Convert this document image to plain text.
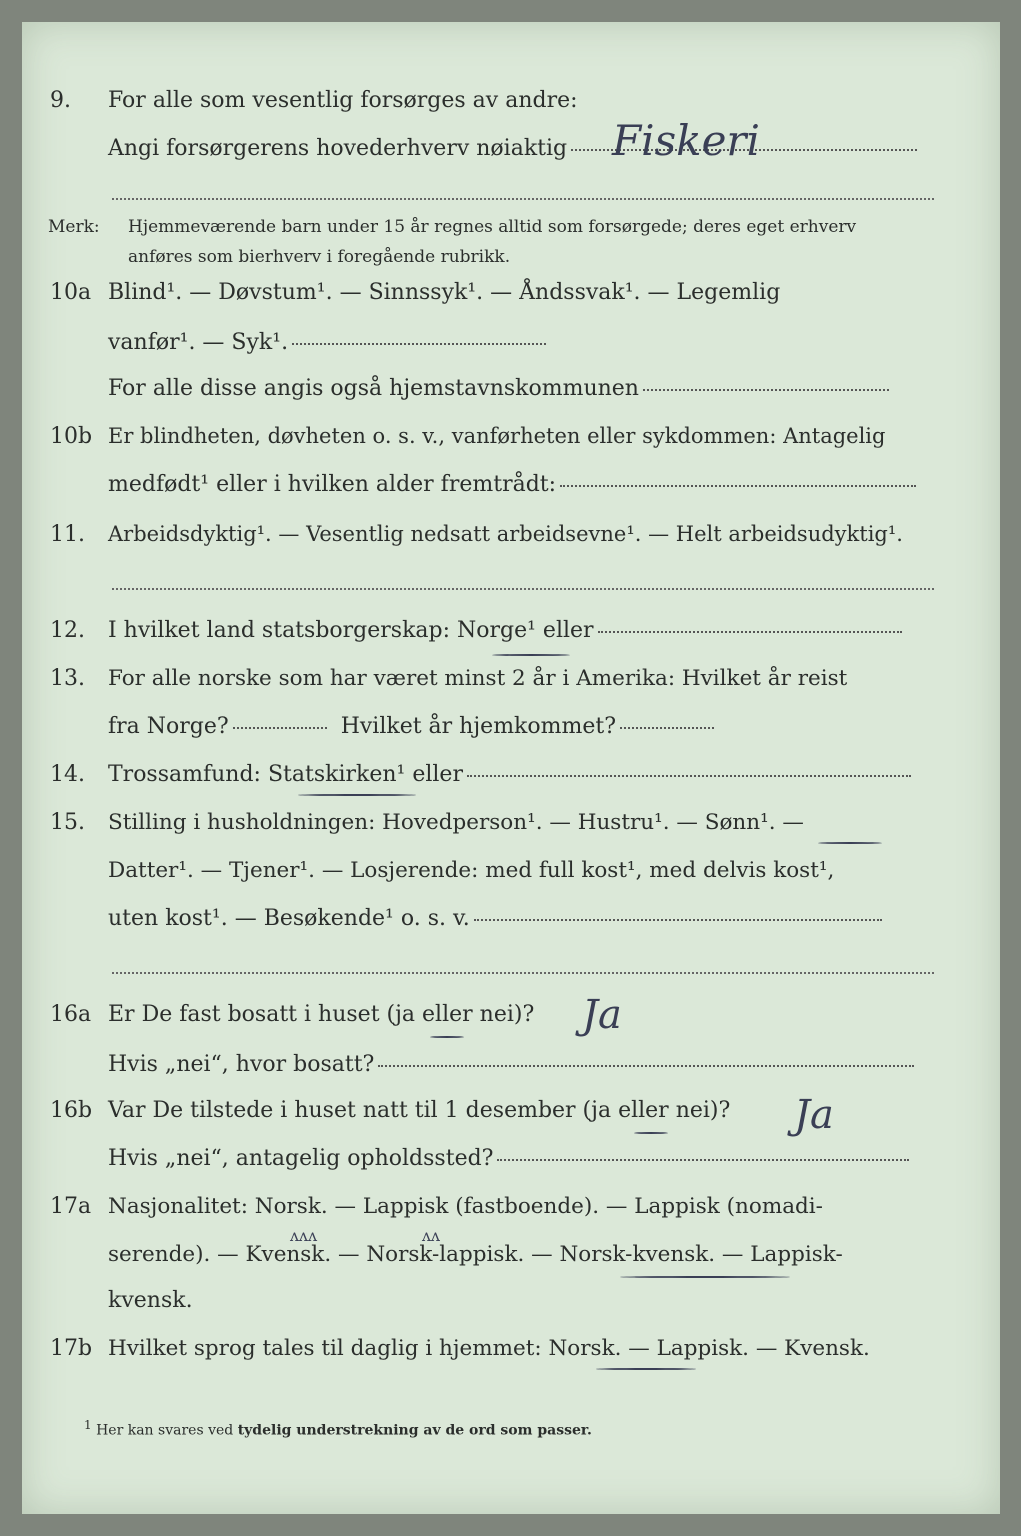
9.	For alle som vesentlig forsørges av andre:
Angi forsørgerens hovederhverv nøiaktig Fiskeri
Merk: Hjemmeværende barn under 15 år regnes alltid som forsørgede; deres eget erhverv
anføres som bierhverv i foregående rubrikk.
10a Blind¹. — Døvstum¹. — Sinnssyk¹. — Åndssvak¹. — Legemlig
vanfør¹. — Syk¹.
For alle disse angis også hjemstavnskommunen
10b Er blindheten, døvheten o. s. v., vanførheten eller sykdommen: Antagelig
medfødt¹ eller i hvilken alder fremtrådt:
11.	Arbeidsdyktig¹. — Vesentlig nedsatt arbeidsevne¹. — Helt arbeidsudyktig¹.
12.	I hvilket land statsborgerskap: Norge¹ eller
13.	For alle norske som har været minst 2 år i Amerika: Hvilket år reist
fra Norge?	Hvilket år hjemkommet?
14.	Trossamfund: Statskirken¹ eller
15.	Stilling i husholdningen: Hovedperson¹. — Hustru¹. — Sønn¹. —
Datter¹. — Tjener¹. — Losjerende: med full kost¹, med delvis kost¹,
uten kost¹. — Besøkende¹ o. s. v.
16a Er De fast bosatt i huset (ja eller nei)? Ja
Hvis „nei“, hvor bosatt?
16b Var De tilstede i huset natt til 1 desember (ja eller nei)? Ja
Hvis „nei“, antagelig opholdssted?
17a Nasjonalitet: Norsk. — Lappisk (fastboende). — Lappisk (nomadi-
ᴧᴧᴧ	ᴧᴧ
serende). — Kvensk. — Norsk-lappisk. — Norsk-kvensk. — Lappisk-
kvensk.
17b Hvilket sprog tales til daglig i hjemmet: Norsk. — Lappisk. — Kvensk.
1 Her kan svares ved tydelig understrekning av de ord som passer.
